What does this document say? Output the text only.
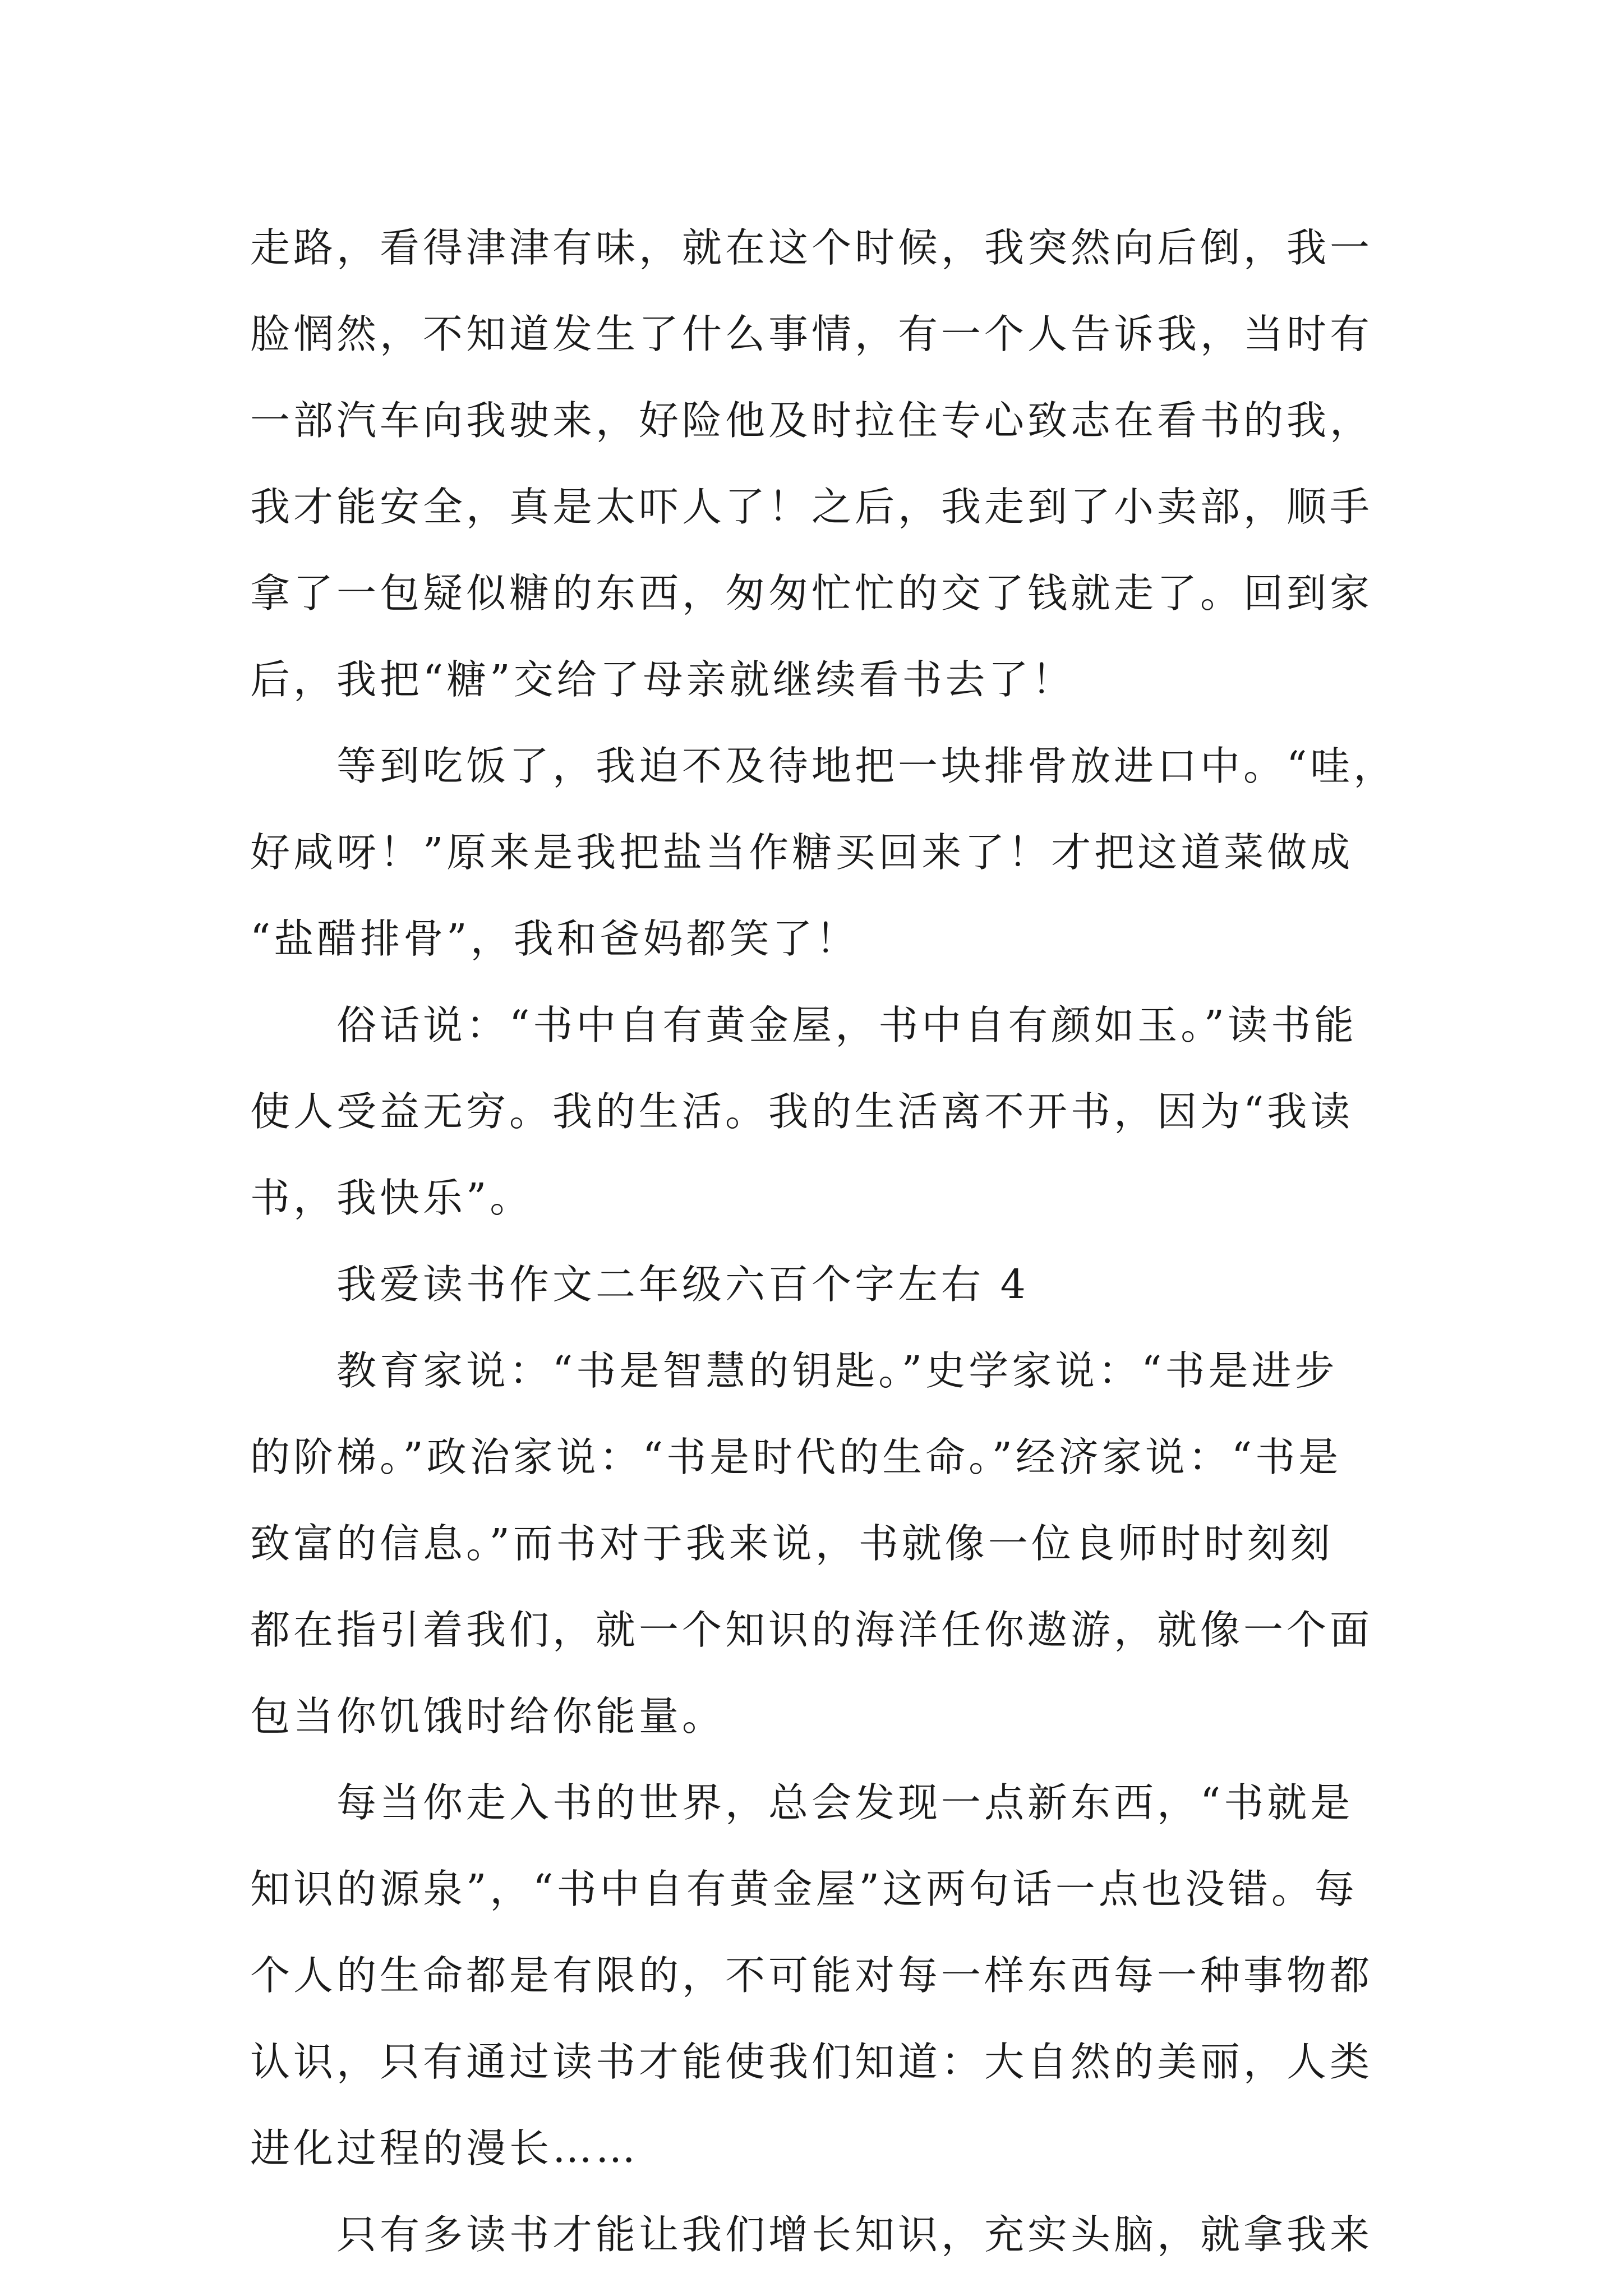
走路，看得津津有味，就在这个时候，我突然向后倒，我一
脸惘然，不知道发生了什么事情，有一个人告诉我，当时有
一部汽车向我驶来，好险他及时拉住专心致志在看书的我，
我才能安全，真是太吓人了！之后，我走到了小卖部，顺手
拿了一包疑似糖的东西，匆匆忙忙的交了钱就走了。回到家
后，我把“糖”交给了母亲就继续看书去了！
等到吃饭了，我迫不及待地把一块排骨放进口中。“哇，
好咸呀！”原来是我把盐当作糖买回来了！才把这道菜做成
“盐醋排骨”，我和爸妈都笑了！
俗话说：“书中自有黄金屋，书中自有颜如玉。”读书能
使人受益无穷。我的生活。我的生活离不开书，因为“我读
书，我快乐”。
我爱读书作文二年级六百个字左右 4
教育家说：“书是智慧的钥匙。”史学家说：“书是进步
的阶梯。”政治家说：“书是时代的生命。”经济家说：“书是
致富的信息。”而书对于我来说，书就像一位良师时时刻刻
都在指引着我们，就一个知识的海洋任你遨游，就像一个面
包当你饥饿时给你能量。
每当你走入书的世界，总会发现一点新东西，“书就是
知识的源泉”，“书中自有黄金屋”这两句话一点也没错。每
个人的生命都是有限的，不可能对每一样东西每一种事物都
认识，只有通过读书才能使我们知道：大自然的美丽，人类
进化过程的漫长……
只有多读书才能让我们增长知识，充实头脑，就拿我来
